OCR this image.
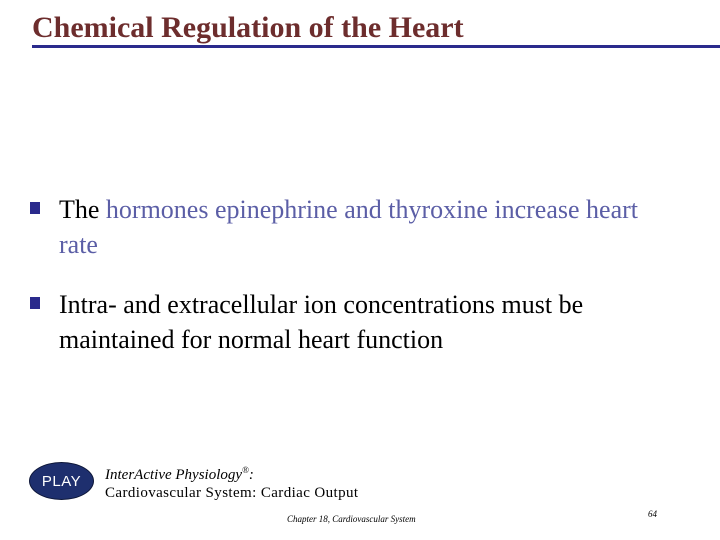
Chemical Regulation of the Heart
The hormones epinephrine and thyroxine increase heart rate
Intra- and extracellular ion concentrations must be maintained for normal heart function
PLAY InterActive Physiology®:
Cardiovascular System: Cardiac Output
Chapter 18, Cardiovascular System	64
